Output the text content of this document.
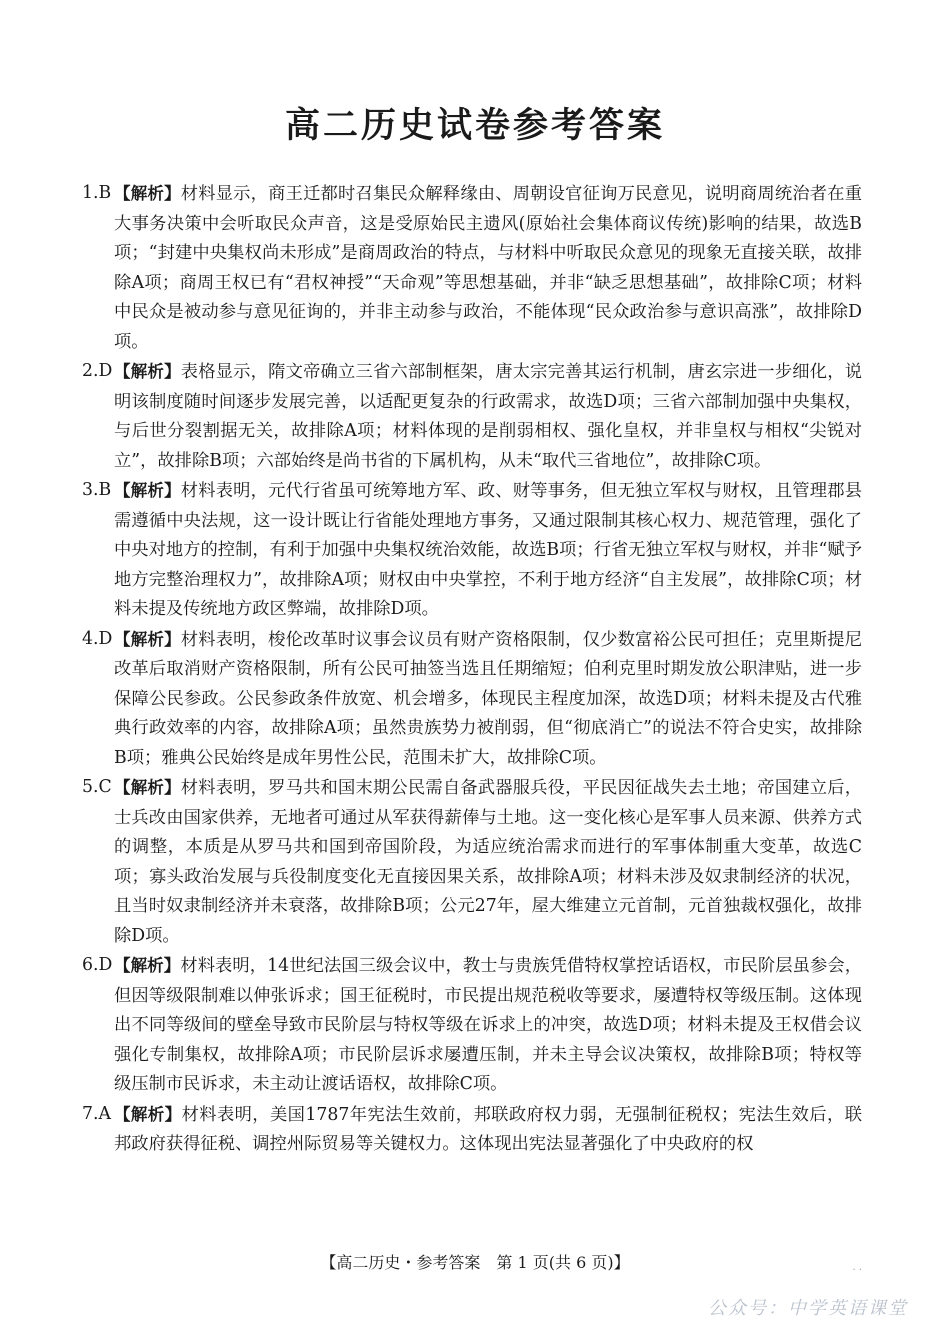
高二历史试卷参考答案

1.B 【解析】材料显示，商王迁都时召集民众解释缘由、周朝设官征询万民意见，说明商周统治者在重大事务决策中会听取民众声音，这是受原始民主遗风(原始社会集体商议传统)影响的结果，故选B项；“封建中央集权尚未形成”是商周政治的特点，与材料中听取民众意见的现象无直接关联，故排除A项；商周王权已有“君权神授”“天命观”等思想基础，并非“缺乏思想基础”，故排除C项；材料中民众是被动参与意见征询的，并非主动参与政治，不能体现“民众政治参与意识高涨”，故排除D项。

2.D 【解析】表格显示，隋文帝确立三省六部制框架，唐太宗完善其运行机制，唐玄宗进一步细化，说明该制度随时间逐步发展完善，以适配更复杂的行政需求，故选D项；三省六部制加强中央集权，与后世分裂割据无关，故排除A项；材料体现的是削弱相权、强化皇权，并非皇权与相权“尖锐对立”，故排除B项；六部始终是尚书省的下属机构，从未“取代三省地位”，故排除C项。

3.B 【解析】材料表明，元代行省虽可统筹地方军、政、财等事务，但无独立军权与财权，且管理郡县需遵循中央法规，这一设计既让行省能处理地方事务，又通过限制其核心权力、规范管理，强化了中央对地方的控制，有利于加强中央集权统治效能，故选B项；行省无独立军权与财权，并非“赋予地方完整治理权力”，故排除A项；财权由中央掌控，不利于地方经济“自主发展”，故排除C项；材料未提及传统地方政区弊端，故排除D项。

4.D 【解析】材料表明，梭伦改革时议事会议员有财产资格限制，仅少数富裕公民可担任；克里斯提尼改革后取消财产资格限制，所有公民可抽签当选且任期缩短；伯利克里时期发放公职津贴，进一步保障公民参政。公民参政条件放宽、机会增多，体现民主程度加深，故选D项；材料未提及古代雅典行政效率的内容，故排除A项；虽然贵族势力被削弱，但“彻底消亡”的说法不符合史实，故排除B项；雅典公民始终是成年男性公民，范围未扩大，故排除C项。

5.C 【解析】材料表明，罗马共和国末期公民需自备武器服兵役，平民因征战失去土地；帝国建立后，士兵改由国家供养，无地者可通过从军获得薪俸与土地。这一变化核心是军事人员来源、供养方式的调整，本质是从罗马共和国到帝国阶段，为适应统治需求而进行的军事体制重大变革，故选C项；寡头政治发展与兵役制度变化无直接因果关系，故排除A项；材料未涉及奴隶制经济的状况，且当时奴隶制经济并未衰落，故排除B项；公元27年，屋大维建立元首制，元首独裁权强化，故排除D项。

6.D 【解析】材料表明，14世纪法国三级会议中，教士与贵族凭借特权掌控话语权，市民阶层虽参会，但因等级限制难以伸张诉求；国王征税时，市民提出规范税收等要求，屡遭特权等级压制。这体现出不同等级间的壁垒导致市民阶层与特权等级在诉求上的冲突，故选D项；材料未提及王权借会议强化专制集权，故排除A项；市民阶层诉求屡遭压制，并未主导会议决策权，故排除B项；特权等级压制市民诉求，未主动让渡话语权，故排除C项。

7.A 【解析】材料表明，美国1787年宪法生效前，邦联政府权力弱，无强制征税权；宪法生效后，联邦政府获得征税、调控州际贸易等关键权力。这体现出宪法显著强化了中央政府的权

. .
【高二历史・参考答案　第 1 页(共 6 页)】
公众号：中学英语课堂
